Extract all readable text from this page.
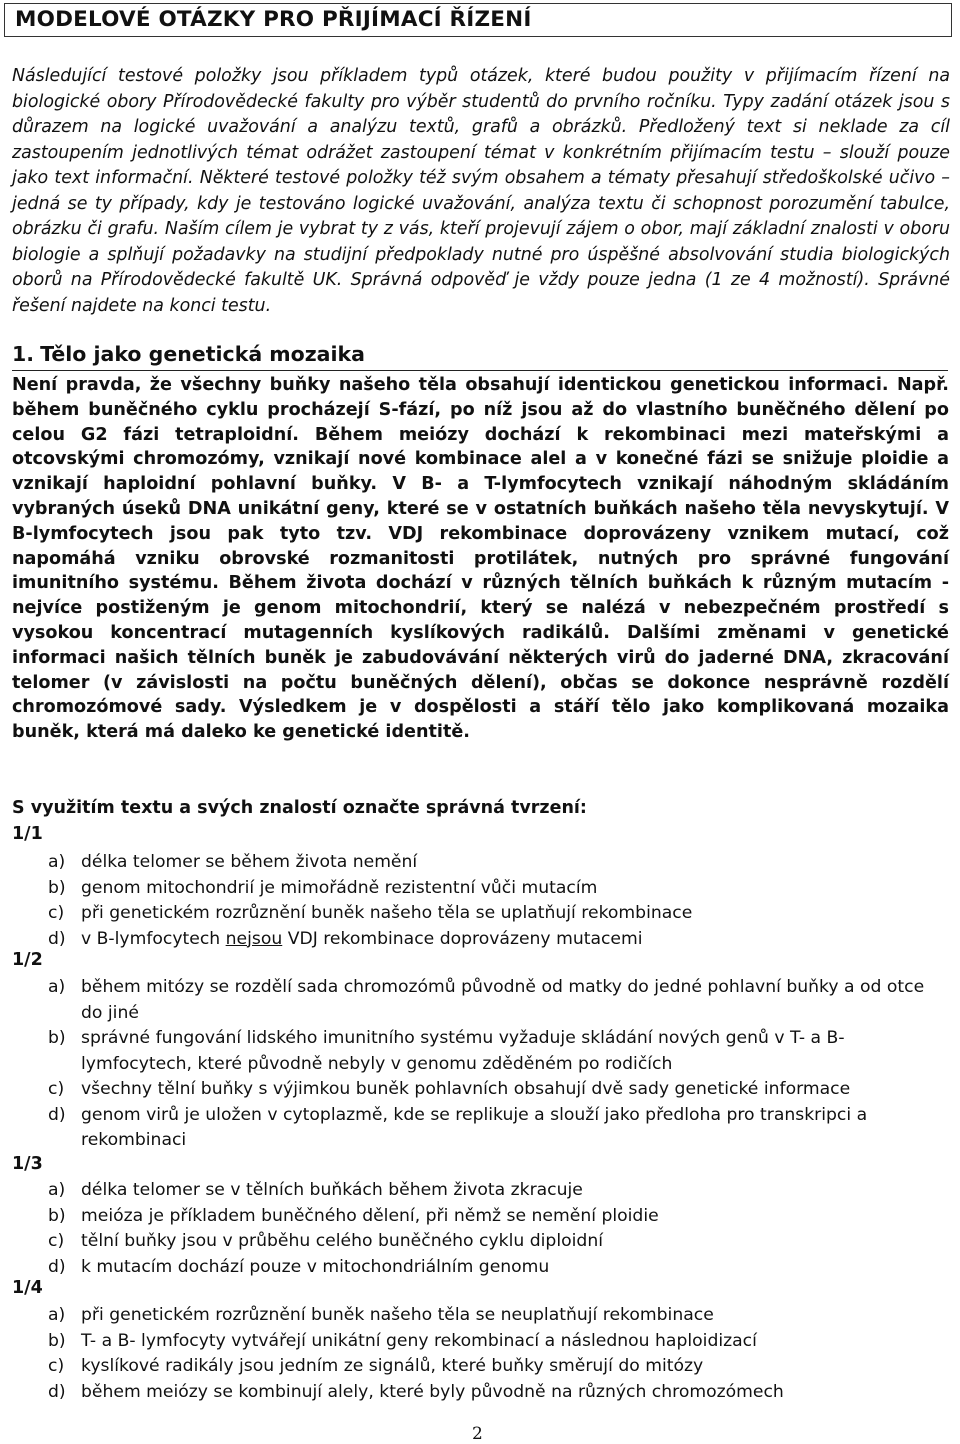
MODELOVÉ OTÁZKY PRO PŘIJÍMACÍ ŘÍZENÍ
Následující testové položky jsou příkladem typů otázek, které budou použity v přijímacím řízení na biologické obory Přírodovědecké fakulty pro výběr studentů do prvního ročníku. Typy zadání otázek jsou s důrazem na logické uvažování a analýzu textů, grafů a obrázků. Předložený text si neklade za cíl zastoupením jednotlivých témat odrážet zastoupení témat v konkrétním přijímacím testu – slouží pouze jako text informační. Některé testové položky též svým obsahem a tématy přesahují středoškolské učivo – jedná se ty případy, kdy je testováno logické uvažování, analýza textu či schopnost porozumění tabulce, obrázku či grafu. Naším cílem je vybrat ty z vás, kteří projevují zájem o obor, mají základní znalosti v oboru biologie a splňují požadavky na studijní předpoklady nutné pro úspěšné absolvování studia biologických oborů na Přírodovědecké fakultě UK. Správná odpověď je vždy pouze jedna (1 ze 4 možností). Správné řešení najdete na konci testu.
1. Tělo jako genetická mozaika
Není pravda, že všechny buňky našeho těla obsahují identickou genetickou informaci. Např. během buněčného cyklu procházejí S-fází, po níž jsou až do vlastního buněčného dělení po celou G2 fázi tetraploidní. Během meiózy dochází k rekombinaci mezi mateřskými a otcovskými chromozómy, vznikají nové kombinace alel a v konečné fázi se snižuje ploidie a vznikají haploidní pohlavní buňky. V B- a T-lymfocytech vznikají náhodným skládáním vybraných úseků DNA unikátní geny, které se v ostatních buňkách našeho těla nevyskytují. V B-lymfocytech jsou pak tyto tzv. VDJ rekombinace doprovázeny vznikem mutací, což napomáhá vzniku obrovské rozmanitosti protilátek, nutných pro správné fungování imunitního systému. Během života dochází v různých tělních buňkách k různým mutacím - nejvíce postiženým je genom mitochondrií, který se nalézá v nebezpečném prostředí s vysokou koncentrací mutagenních kyslíkových radikálů. Dalšími změnami v genetické informaci našich tělních buněk je zabudovávání některých virů do jaderné DNA, zkracování telomer (v závislosti na počtu buněčných dělení), občas se dokonce nesprávně rozdělí chromozómové sady. Výsledkem je v dospělosti a stáří tělo jako komplikovaná mozaika buněk, která má daleko ke genetické identitě.
S využitím textu a svých znalostí označte správná tvrzení:
1/1
a) délka telomer se během života nemění
b) genom mitochondrií je mimořádně rezistentní vůči mutacím
c) při genetickém rozrůznění buněk našeho těla se uplatňují rekombinace
d) v B-lymfocytech nejsou VDJ rekombinace doprovázeny mutacemi
1/2
a) během mitózy se rozdělí sada chromozómů původně od matky do jedné pohlavní buňky a od otce do jiné
b) správné fungování lidského imunitního systému vyžaduje skládání nových genů v T- a B-lymfocytech, které původně nebyly v genomu zděděném po rodičích
c) všechny tělní buňky s výjimkou buněk pohlavních obsahují dvě sady genetické informace
d) genom virů je uložen v cytoplazmě, kde se replikuje a slouží jako předloha pro transkripci a rekombinaci
1/3
a) délka telomer se v tělních buňkách během života zkracuje
b) meióza je příkladem buněčného dělení, při němž se nemění ploidie
c) tělní buňky jsou v průběhu celého buněčného cyklu diploidní
d) k mutacím dochází pouze v mitochondriálním genomu
1/4
a) při genetickém rozrůznění buněk našeho těla se neuplatňují rekombinace
b) T- a B- lymfocyty vytvářejí unikátní geny rekombinací a následnou haploidizací
c) kyslíkové radikály jsou jedním ze signálů, které buňky směrují do mitózy
d) během meiózy se kombinují alely, které byly původně na různých chromozómech
2
